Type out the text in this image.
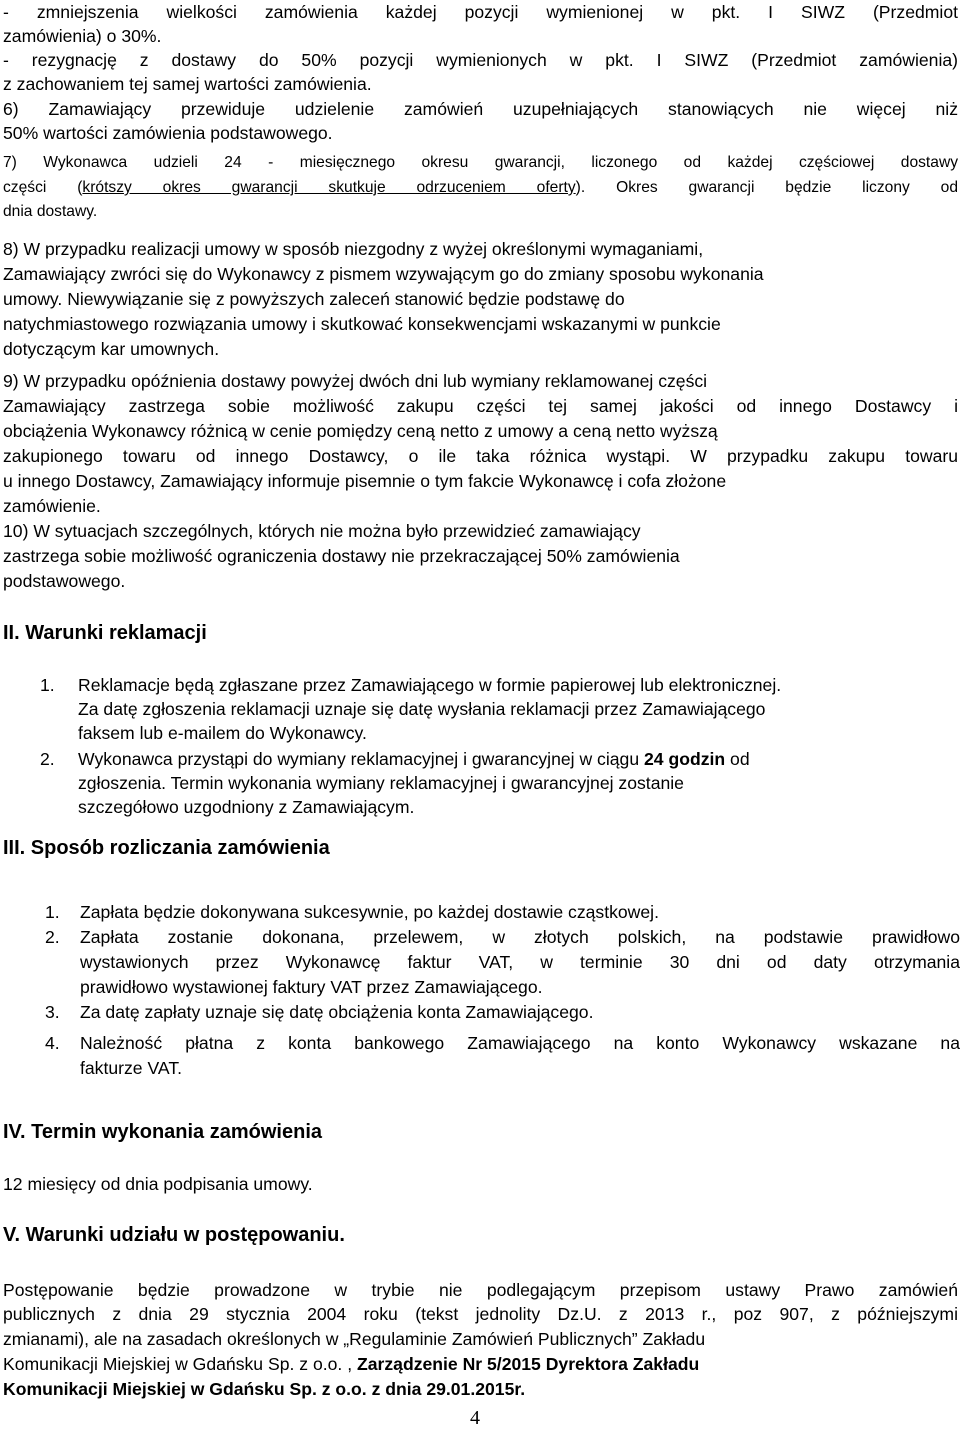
- zmniejszenia wielkości zamówienia każdej pozycji wymienionej w pkt. I SIWZ (Przedmiot
zamówienia) o 30%.
- rezygnację z dostawy do 50% pozycji wymienionych w pkt. I SIWZ (Przedmiot zamówienia)
z zachowaniem tej samej wartości zamówienia.
6) Zamawiający przewiduje udzielenie zamówień uzupełniających stanowiących nie więcej niż
50% wartości zamówienia podstawowego.
7) Wykonawca udzieli 24 - miesięcznego okresu gwarancji, liczonego od każdej częściowej dostawy
części (krótszy okres gwarancji skutkuje odrzuceniem oferty). Okres gwarancji będzie liczony od
dnia dostawy.
8) W przypadku realizacji umowy w sposób niezgodny z wyżej określonymi wymaganiami,
Zamawiający zwróci się do Wykonawcy z pismem wzywającym go do zmiany sposobu wykonania
umowy. Niewywiązanie się z powyższych zaleceń stanowić będzie podstawę do
natychmiastowego rozwiązania umowy i skutkować konsekwencjami wskazanymi w punkcie
dotyczącym kar umownych.
9) W przypadku opóźnienia dostawy powyżej dwóch dni lub wymiany reklamowanej części
Zamawiający zastrzega sobie możliwość zakupu części tej samej jakości od innego Dostawcy i
obciążenia Wykonawcy różnicą w cenie pomiędzy ceną netto z umowy a ceną netto wyższą
zakupionego towaru od innego Dostawcy, o ile taka różnica wystąpi. W przypadku zakupu towaru
u innego Dostawcy, Zamawiający informuje pisemnie o tym fakcie Wykonawcę i cofa złożone
zamówienie.
10) W sytuacjach szczególnych, których nie można było przewidzieć zamawiający
zastrzega sobie możliwość ograniczenia dostawy nie przekraczającej 50% zamówienia
podstawowego.
II. Warunki reklamacji
1. Reklamacje będą zgłaszane przez Zamawiającego w formie papierowej lub elektronicznej.
Za datę zgłoszenia reklamacji uznaje się datę wysłania reklamacji przez Zamawiającego
faksem lub e-mailem do Wykonawcy.
2. Wykonawca przystąpi do wymiany reklamacyjnej i gwarancyjnej w ciągu 24 godzin od
zgłoszenia. Termin wykonania wymiany reklamacyjnej i gwarancyjnej zostanie
szczegółowo uzgodniony z Zamawiającym.
III. Sposób rozliczania zamówienia
1. Zapłata będzie dokonywana sukcesywnie, po każdej dostawie cząstkowej.
2. Zapłata zostanie dokonana, przelewem, w złotych polskich, na podstawie prawidłowo
wystawionych przez Wykonawcę faktur VAT, w terminie 30 dni od daty otrzymania
prawidłowo wystawionej faktury VAT przez Zamawiającego.
3. Za datę zapłaty uznaje się datę obciążenia konta Zamawiającego.
4. Należność płatna z konta bankowego Zamawiającego na konto Wykonawcy wskazane na
fakturze VAT.
IV. Termin wykonania zamówienia
12 miesięcy od dnia podpisania umowy.
V. Warunki udziału w postępowaniu.
Postępowanie będzie prowadzone w trybie nie podlegającym przepisom ustawy Prawo zamówień
publicznych z dnia 29 stycznia 2004 roku (tekst jednolity Dz.U. z 2013 r., poz 907, z późniejszymi
zmianami), ale na zasadach określonych w „Regulaminie Zamówień Publicznych” Zakładu
Komunikacji Miejskiej w Gdańsku Sp. z o.o. , Zarządzenie Nr 5/2015 Dyrektora Zakładu
Komunikacji Miejskiej w Gdańsku Sp. z o.o. z dnia 29.01.2015r.
4
